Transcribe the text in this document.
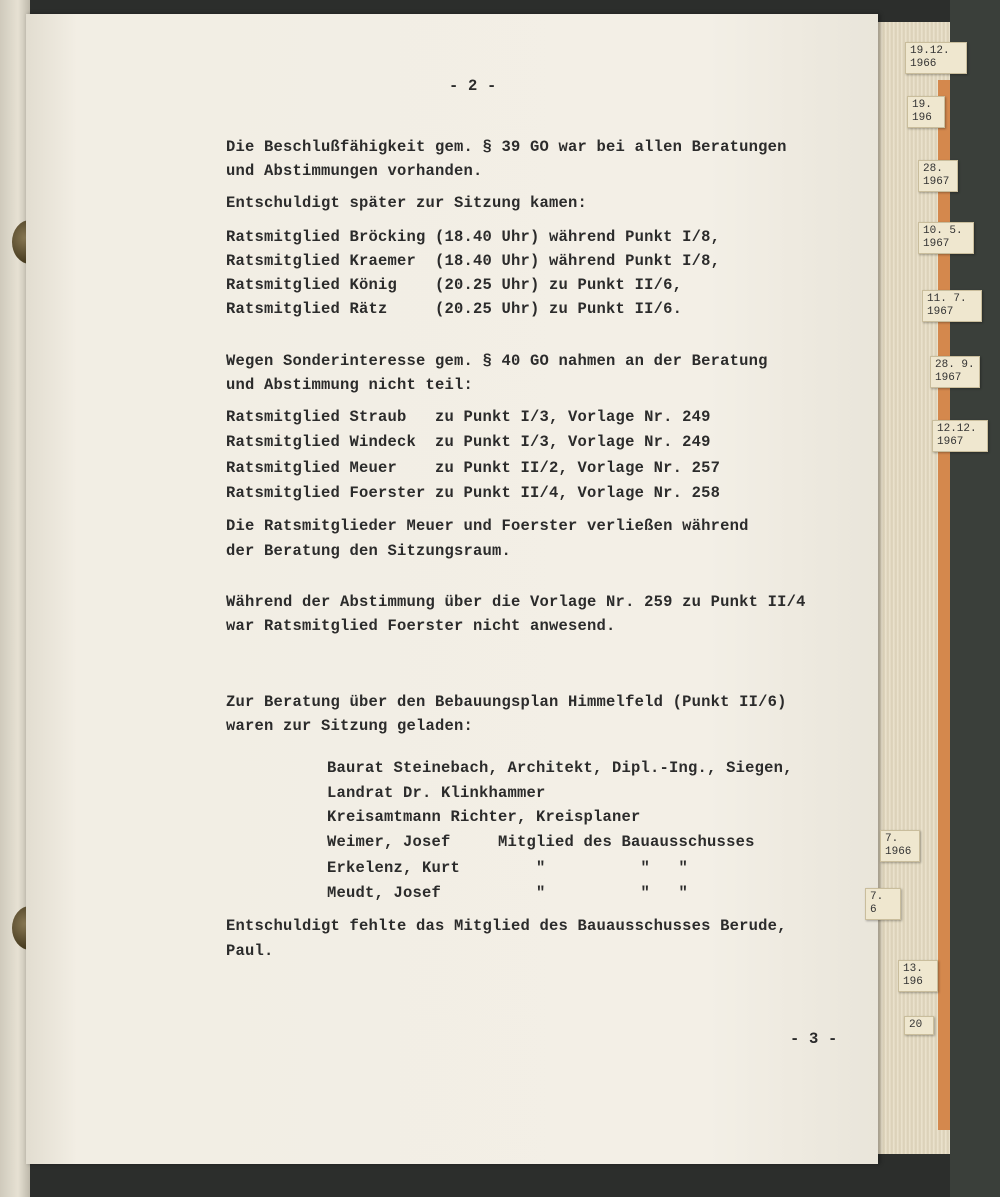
19.12.
1966
19.
196
28.
1967
10. 5.
1967
11. 7.
1967
28. 9.
1967
12.12.
1967
7.
1966
7.
6
13.
196
20
- 2 -
Die Beschlußfähigkeit gem. § 39 GO war bei allen Beratungen
und Abstimmungen vorhanden.
Entschuldigt später zur Sitzung kamen:
Ratsmitglied Bröcking (18.40 Uhr) während Punkt I/8,
Ratsmitglied Kraemer  (18.40 Uhr) während Punkt I/8,
Ratsmitglied König    (20.25 Uhr) zu Punkt II/6,
Ratsmitglied Rätz     (20.25 Uhr) zu Punkt II/6.
Wegen Sonderinteresse gem. § 40 GO nahmen an der Beratung
und Abstimmung nicht teil:
Ratsmitglied Straub   zu Punkt I/3, Vorlage Nr. 249
Ratsmitglied Windeck  zu Punkt I/3, Vorlage Nr. 249
Ratsmitglied Meuer    zu Punkt II/2, Vorlage Nr. 257
Ratsmitglied Foerster zu Punkt II/4, Vorlage Nr. 258
Die Ratsmitglieder Meuer und Foerster verließen während
der Beratung den Sitzungsraum.
Während der Abstimmung über die Vorlage Nr. 259 zu Punkt II/4
war Ratsmitglied Foerster nicht anwesend.
Zur Beratung über den Bebauungsplan Himmelfeld (Punkt II/6)
waren zur Sitzung geladen:
Baurat Steinebach, Architekt, Dipl.-Ing., Siegen,
Landrat Dr. Klinkhammer
Kreisamtmann Richter, Kreisplaner
Weimer, Josef     Mitglied des Bauausschusses
Erkelenz, Kurt        "          "   "
Meudt, Josef          "          "   "
Entschuldigt fehlte das Mitglied des Bauausschusses Berude,
Paul.
- 3 -
